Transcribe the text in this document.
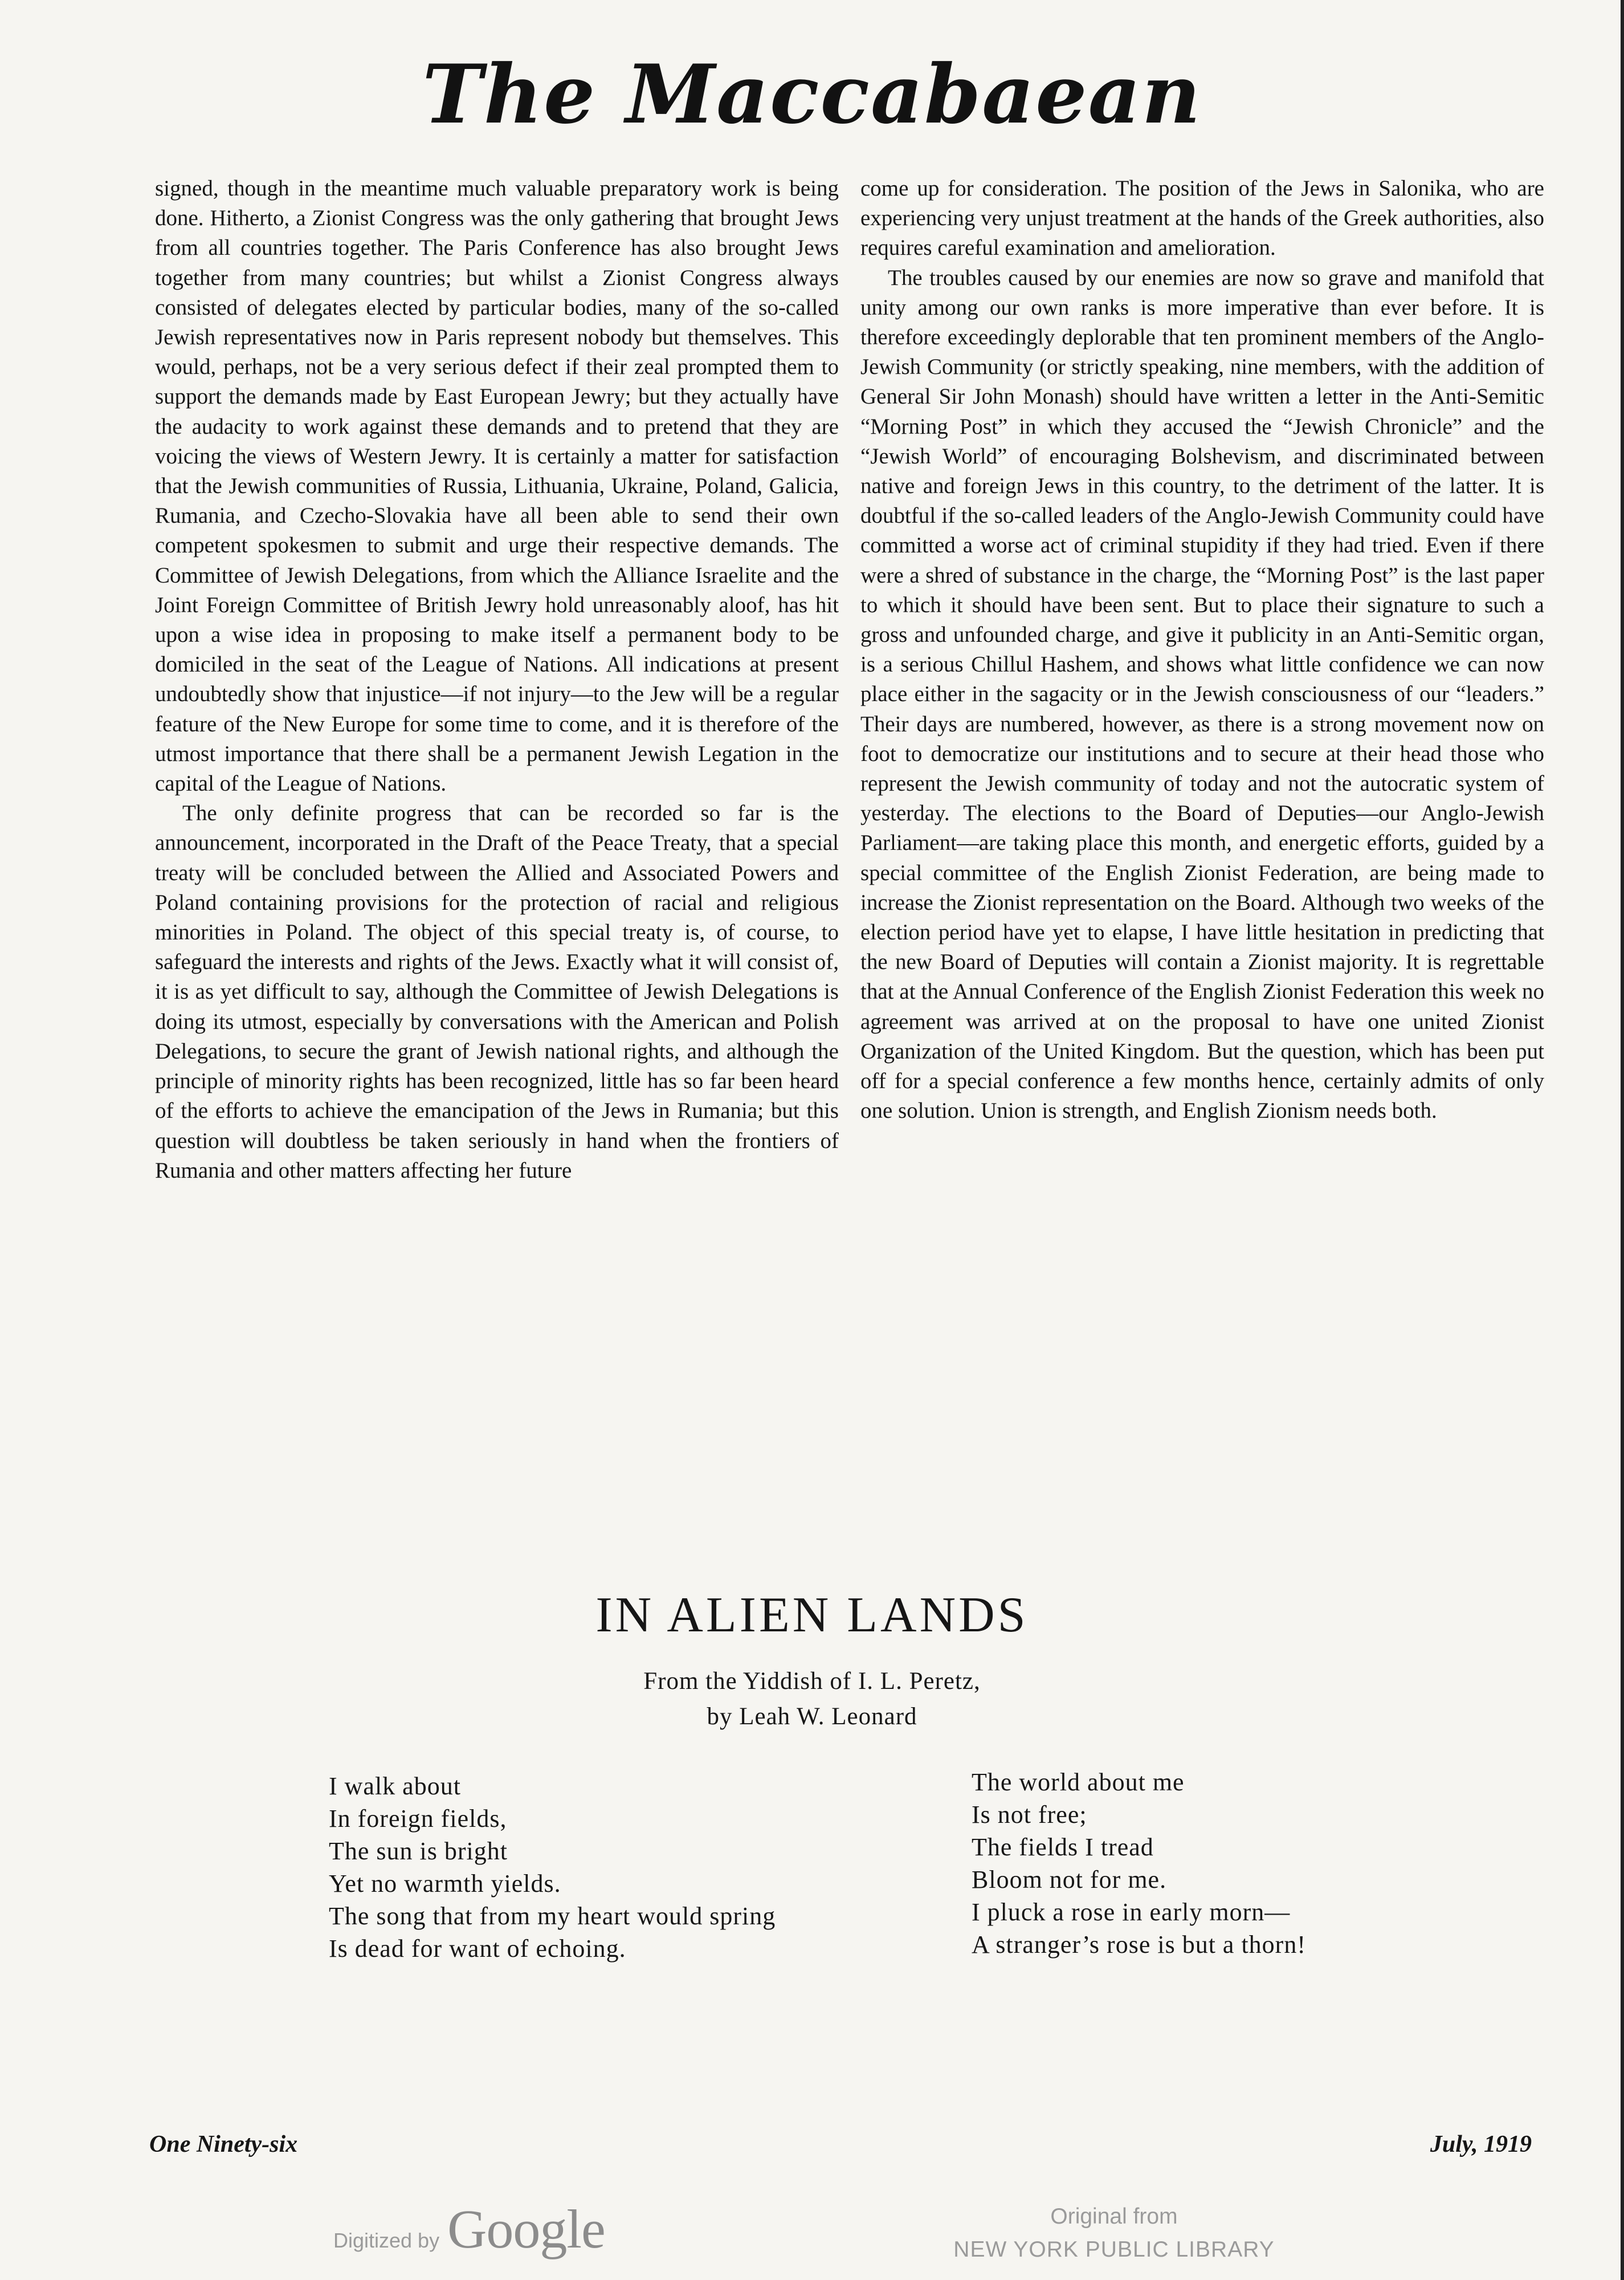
The Maccabaean

signed, though in the meantime much valuable preparatory work is being done. Hitherto, a Zionist Congress was the only gathering that brought Jews from all countries together. The Paris Conference has also brought Jews together from many countries; but whilst a Zionist Congress always consisted of delegates elected by particular bodies, many of the so-called Jewish representatives now in Paris represent nobody but themselves. This would, perhaps, not be a very serious defect if their zeal prompted them to support the demands made by East European Jewry; but they actually have the audacity to work against these demands and to pretend that they are voicing the views of Western Jewry. It is certainly a matter for satisfaction that the Jewish communities of Russia, Lithuania, Ukraine, Poland, Galicia, Rumania, and Czecho-Slovakia have all been able to send their own competent spokesmen to submit and urge their respective demands. The Committee of Jewish Delegations, from which the Alliance Israelite and the Joint Foreign Committee of British Jewry hold unreasonably aloof, has hit upon a wise idea in proposing to make itself a permanent body to be domiciled in the seat of the League of Nations. All indications at present undoubtedly show that injustice—if not injury—to the Jew will be a regular feature of the New Europe for some time to come, and it is therefore of the utmost importance that there shall be a permanent Jewish Legation in the capital of the League of Nations.

The only definite progress that can be recorded so far is the announcement, incorporated in the Draft of the Peace Treaty, that a special treaty will be concluded between the Allied and Associated Powers and Poland containing provisions for the protection of racial and religious minorities in Poland. The object of this special treaty is, of course, to safeguard the interests and rights of the Jews. Exactly what it will consist of, it is as yet difficult to say, although the Committee of Jewish Delegations is doing its utmost, especially by conversations with the American and Polish Delegations, to secure the grant of Jewish national rights, and although the principle of minority rights has been recognized, little has so far been heard of the efforts to achieve the emancipation of the Jews in Rumania; but this question will doubtless be taken seriously in hand when the frontiers of Rumania and other matters affecting her future

come up for consideration. The position of the Jews in Salonika, who are experiencing very unjust treatment at the hands of the Greek authorities, also requires careful examination and amelioration.

The troubles caused by our enemies are now so grave and manifold that unity among our own ranks is more imperative than ever before. It is therefore exceedingly deplorable that ten prominent members of the Anglo-Jewish Community (or strictly speaking, nine members, with the addition of General Sir John Monash) should have written a letter in the Anti-Semitic “Morning Post” in which they accused the “Jewish Chronicle” and the “Jewish World” of encouraging Bolshevism, and discriminated between native and foreign Jews in this country, to the detriment of the latter. It is doubtful if the so-called leaders of the Anglo-Jewish Community could have committed a worse act of criminal stupidity if they had tried. Even if there were a shred of substance in the charge, the “Morning Post” is the last paper to which it should have been sent. But to place their signature to such a gross and unfounded charge, and give it publicity in an Anti-Semitic organ, is a serious Chillul Hashem, and shows what little confidence we can now place either in the sagacity or in the Jewish consciousness of our “leaders.” Their days are numbered, however, as there is a strong movement now on foot to democratize our institutions and to secure at their head those who represent the Jewish community of today and not the autocratic system of yesterday. The elections to the Board of Deputies—our Anglo-Jewish Parliament—are taking place this month, and energetic efforts, guided by a special committee of the English Zionist Federation, are being made to increase the Zionist representation on the Board. Although two weeks of the election period have yet to elapse, I have little hesitation in predicting that the new Board of Deputies will contain a Zionist majority. It is regrettable that at the Annual Conference of the English Zionist Federation this week no agreement was arrived at on the proposal to have one united Zionist Organization of the United Kingdom. But the question, which has been put off for a special conference a few months hence, certainly admits of only one solution. Union is strength, and English Zionism needs both.

IN ALIEN LANDS
From the Yiddish of I. L. Peretz,
by Leah W. Leonard
I walk about
In foreign fields,
The sun is bright
Yet no warmth yields.
The song that from my heart would spring
Is dead for want of echoing.
The world about me
Is not free;
The fields I tread
Bloom not for me.
I pluck a rose in early morn—
A stranger’s rose is but a thorn!
One Ninety-six	July, 1919
Digitized by Google	Original from
NEW YORK PUBLIC LIBRARY
